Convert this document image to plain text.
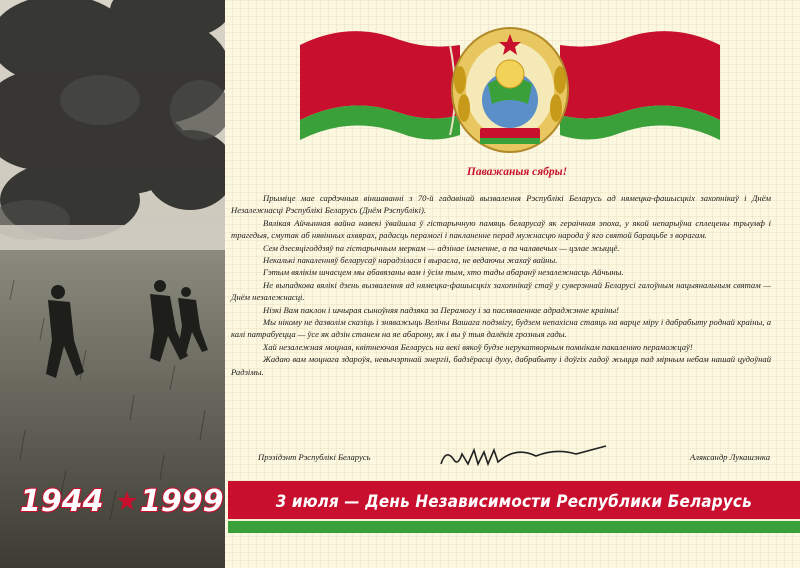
Паважаныя сябры!

Прыміце мае сардэчныя віншаванні з 70-й гадавінай вызвалення Рэспублікі Беларусь ад нямецка-фашысцкіх захопнікаў і Днём Незалежнасці Рэспублікі Беларусь (Днём Рэспублікі).

Вялікая Айчынная вайна навекі ўвайшла ў гістарычную памяць беларусаў як гераічная эпоха, у якой непарыўна сплецены трыумф і трагедыя, смутак аб нявінных ахвярах, радасць перамогі і пакланенне перад мужнасцю народа ў яго святой барацьбе з ворагам.

Сем дзесяцігоддзяў па гістарычным меркам — адзінае імгненне, а па чалавечых — цэлае жыццё.

Некалькі пакаленняў беларусаў нарадзілася і вырасла, не ведаючы жахаў вайны.

Гэтым вялікім шчасцем мы абавязаны вам і ўсім тым, хто тады абаранў незалежнасць Айчыны.

Не выпадкова вялікі дзень вызвалення ад нямецка-фашысцкіх захопнікаў стаў у суверэннай Беларусі галоўным нацыянальным святам — Днём незалежнасці.

Нізкі Вам паклон і шчырая сыноўняя падзяка за Перамогу і за пасляваеннае адраджэнне краіны!

Мы нікому не дазволім сказіць і зняважыць Велічы Вашага подзвігу, будзем непахісна стаяць на варце міру і дабрабыту роднай краіны, а калі патрабуецца — ўсе як адзін станем на яе абарону, як і вы ў тыя далёкія грозныя гады.

Хай незалежная моцная, квітнеючая Беларусь на векі вякоў будзе нерукатворным помнікам пакаленню пераможцаў!

Жадаю вам моцнага здароўя, невычэрпнай энергіі, бадзёрасці духу, дабрабыту і доўгіх гадоў жыцця пад мірным небам нашай цудоўнай Радзімы.

Прэзідэнт Рэспублікі Беларусь	Аляксандр Лукашэнка
3 июля — День Независимости Республики Беларусь
1944 1999
